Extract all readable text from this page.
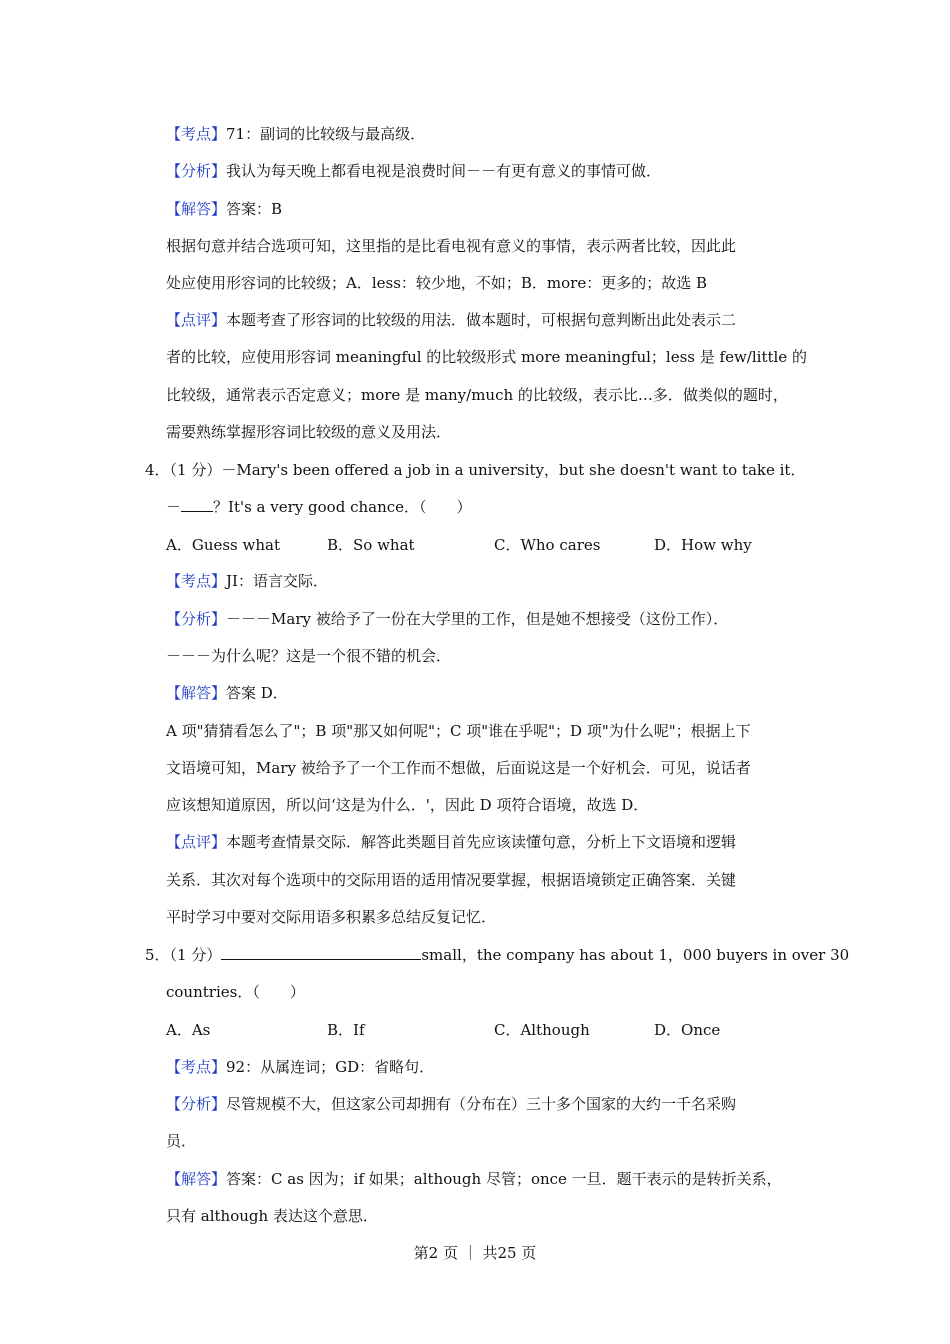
【考点】71：副词的比较级与最高级．
【分析】我认为每天晚上都看电视是浪费时间－－有更有意义的事情可做．
【解答】答案：B
根据句意并结合选项可知，这里指的是比看电视有意义的事情，表示两者比较，因此此
处应使用形容词的比较级；A．less：较少地，不如；B．more：更多的；故选 B
【点评】本题考查了形容词的比较级的用法．做本题时，可根据句意判断出此处表示二
者的比较，应使用形容词 meaningful 的比较级形式 more meaningful；less 是 few/little 的
比较级，通常表示否定意义；more 是 many/much 的比较级，表示比…多．做类似的题时，
需要熟练掌握形容词比较级的意义及用法．
4．（1 分）－Mary's been offered a job in a university，but she doesn't want to take it．
－ ？It's a very good chance．（　　）
A．Guess what	B．So what	C．Who cares	D．How why
【考点】JI：语言交际．
【分析】－－－Mary 被给予了一份在大学里的工作，但是她不想接受（这份工作）．
－－－为什么呢？这是一个很不错的机会．
【解答】答案 D．
A 项"猜猜看怎么了"；B 项"那又如何呢"；C 项"谁在乎呢"；D 项"为什么呢"；根据上下
文语境可知，Mary 被给予了一个工作而不想做，后面说这是一个好机会．可见，说话者
应该想知道原因，所以问‘这是为什么．'，因此 D 项符合语境，故选 D．
【点评】本题考查情景交际．解答此类题目首先应该读懂句意，分析上下文语境和逻辑
关系．其次对每个选项中的交际用语的适用情况要掌握，根据语境锁定正确答案．关键
平时学习中要对交际用语多积累多总结反复记忆．
5．（1 分）	small，the company has about 1，000 buyers in over 30
countries．（　　）
A．As	B．If	C．Although	D．Once
【考点】92：从属连词；GD：省略句．
【分析】尽管规模不大，但这家公司却拥有（分布在）三十多个国家的大约一千名采购
员．
【解答】答案：C as 因为；if 如果；although 尽管；once 一旦．题干表示的是转折关系，
只有 although 表达这个意思．
第2 页 ｜ 共25 页
